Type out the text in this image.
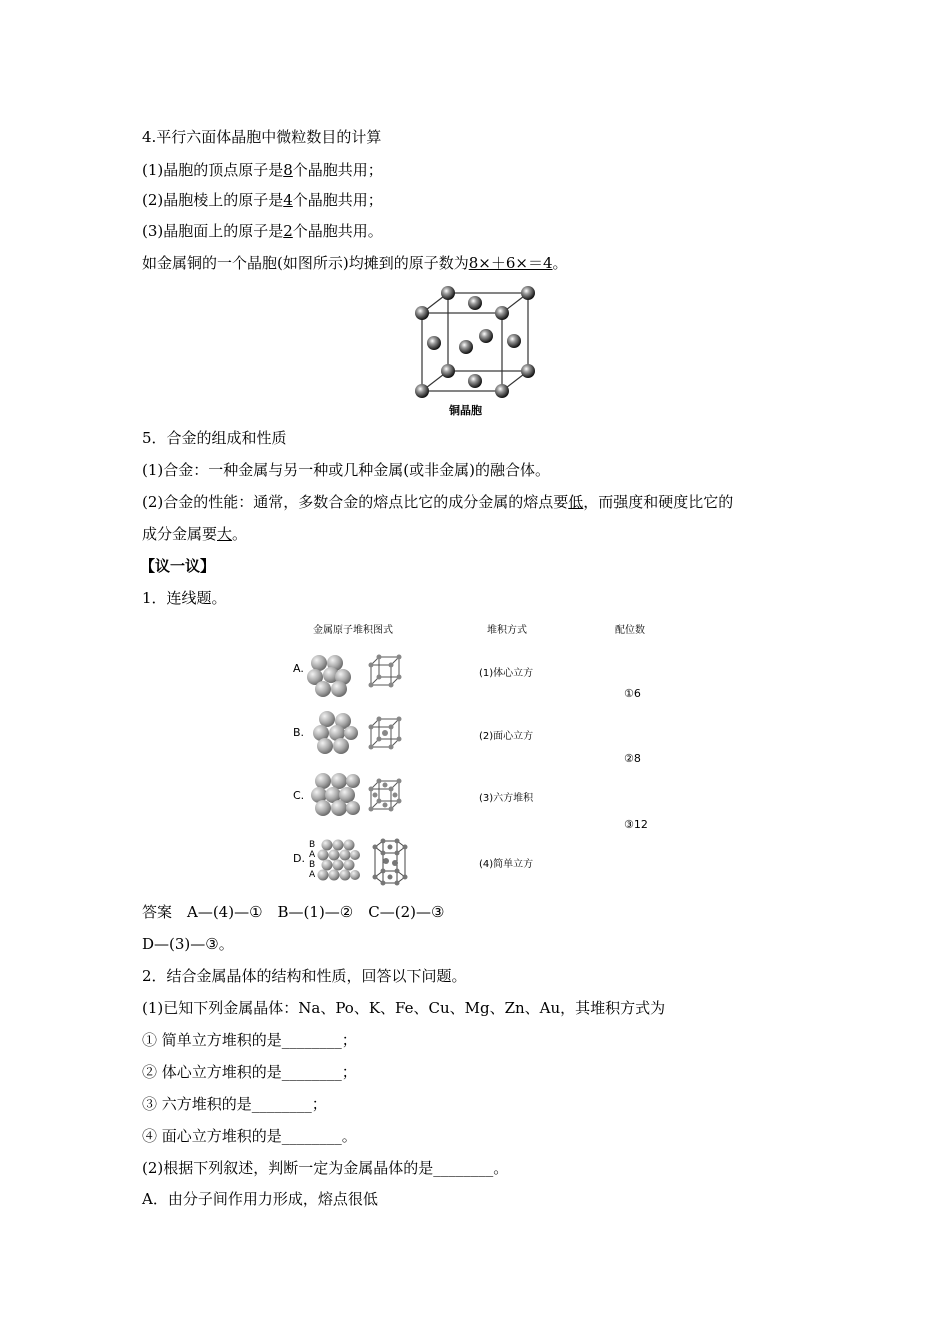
4.平行六面体晶胞中微粒数目的计算
(1)晶胞的顶点原子是8个晶胞共用；
(2)晶胞棱上的原子是4个晶胞共用；
(3)晶胞面上的原子是2个晶胞共用。
如金属铜的一个晶胞(如图所示)均摊到的原子数为8×＋6×＝4。
铜晶胞
5．合金的组成和性质
(1)合金：一种金属与另一种或几种金属(或非金属)的融合体。
(2)合金的性能：通常，多数合金的熔点比它的成分金属的熔点要低，而强度和硬度比它的
成分金属要大。
【议一议】
1．连线题。
金属原子堆积图式	堆积方式	配位数
A.
B.
C.
D.
(1)体心立方
(2)面心立方
(3)六方堆积
(4)简单立方
①6
②8
③12
B
A
B
A
答案　A—(4)—①　B—(1)—②　C—(2)—③
D—(3)—③。
2．结合金属晶体的结构和性质，回答以下问题。
(1)已知下列金属晶体：Na、Po、K、Fe、Cu、Mg、Zn、Au，其堆积方式为
① 简单立方堆积的是________；
② 体心立方堆积的是________；
③ 六方堆积的是________；
④ 面心立方堆积的是________。
(2)根据下列叙述，判断一定为金属晶体的是________。
A．由分子间作用力形成，熔点很低
